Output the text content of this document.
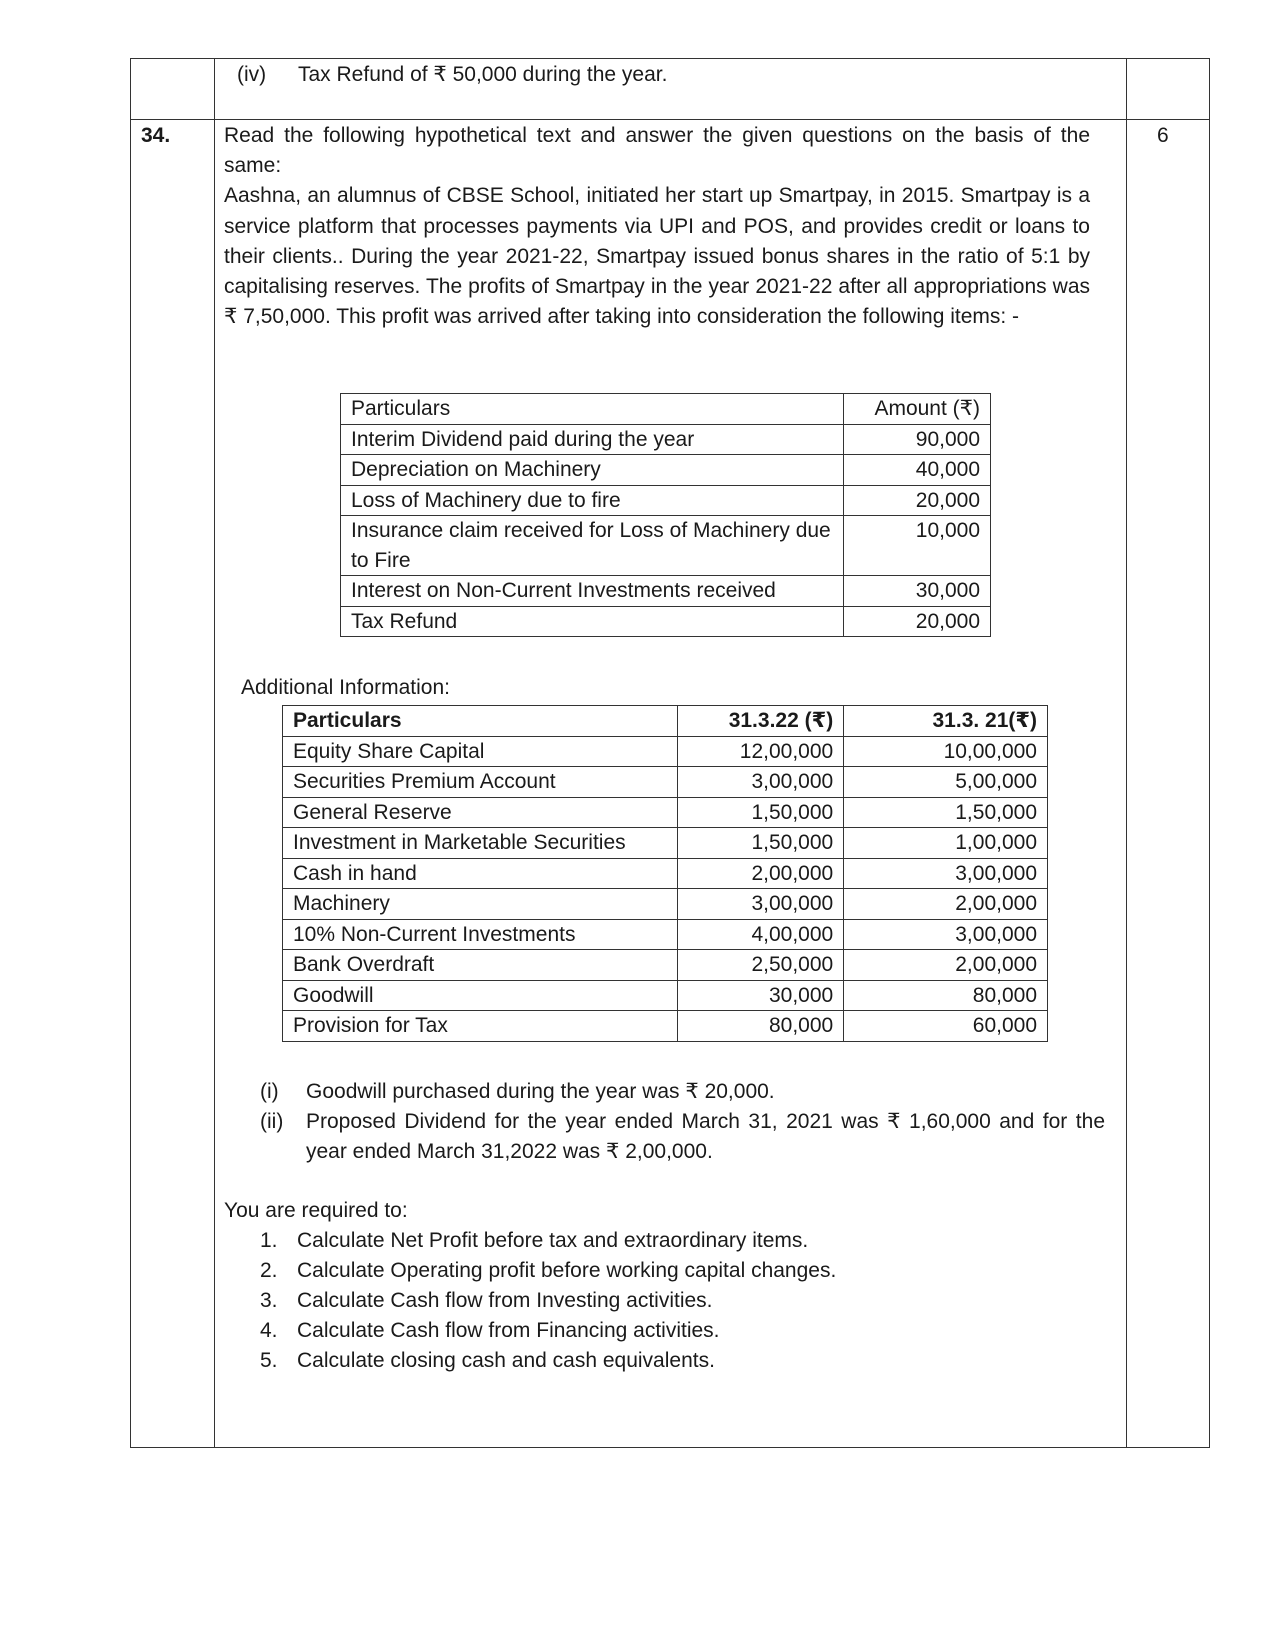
(iv) Tax Refund of ₹ 50,000 during the year.
34.	6

Read the following hypothetical text and answer the given questions on the basis of the same:

Aashna, an alumnus of CBSE School, initiated her start up Smartpay, in 2015. Smartpay is a service platform that processes payments via UPI and POS, and provides credit or loans to their clients.. During the year 2021-22, Smartpay issued bonus shares in the ratio of 5:1 by capitalising reserves. The profits of Smartpay in the year 2021-22 after all appropriations was ₹ 7,50,000. This profit was arrived after taking into consideration the following items: -

Particulars	Amount (₹)
Interim Dividend paid during the year	90,000
Depreciation on Machinery	40,000
Loss of Machinery due to fire	20,000
Insurance claim received for Loss of Machinery due to Fire	10,000
Interest on Non-Current Investments received	30,000
Tax Refund	20,000
Additional Information:
Particulars	31.3.22 (₹)	31.3. 21(₹)
Equity Share Capital	12,00,000	10,00,000
Securities Premium Account	3,00,000	5,00,000
General Reserve	1,50,000	1,50,000
Investment in Marketable Securities	1,50,000	1,00,000
Cash in hand	2,00,000	3,00,000
Machinery	3,00,000	2,00,000
10% Non-Current Investments	4,00,000	3,00,000
Bank Overdraft	2,50,000	2,00,000
Goodwill	30,000	80,000
Provision for Tax	80,000	60,000
(i)	Goodwill purchased during the year was ₹ 20,000.
(ii)	Proposed Dividend for the year ended March 31, 2021 was ₹ 1,60,000 and for the year ended March 31,2022 was ₹ 2,00,000.
You are required to:
1. Calculate Net Profit before tax and extraordinary items.
2. Calculate Operating profit before working capital changes.
3. Calculate Cash flow from Investing activities.
4. Calculate Cash flow from Financing activities.
5. Calculate closing cash and cash equivalents.
